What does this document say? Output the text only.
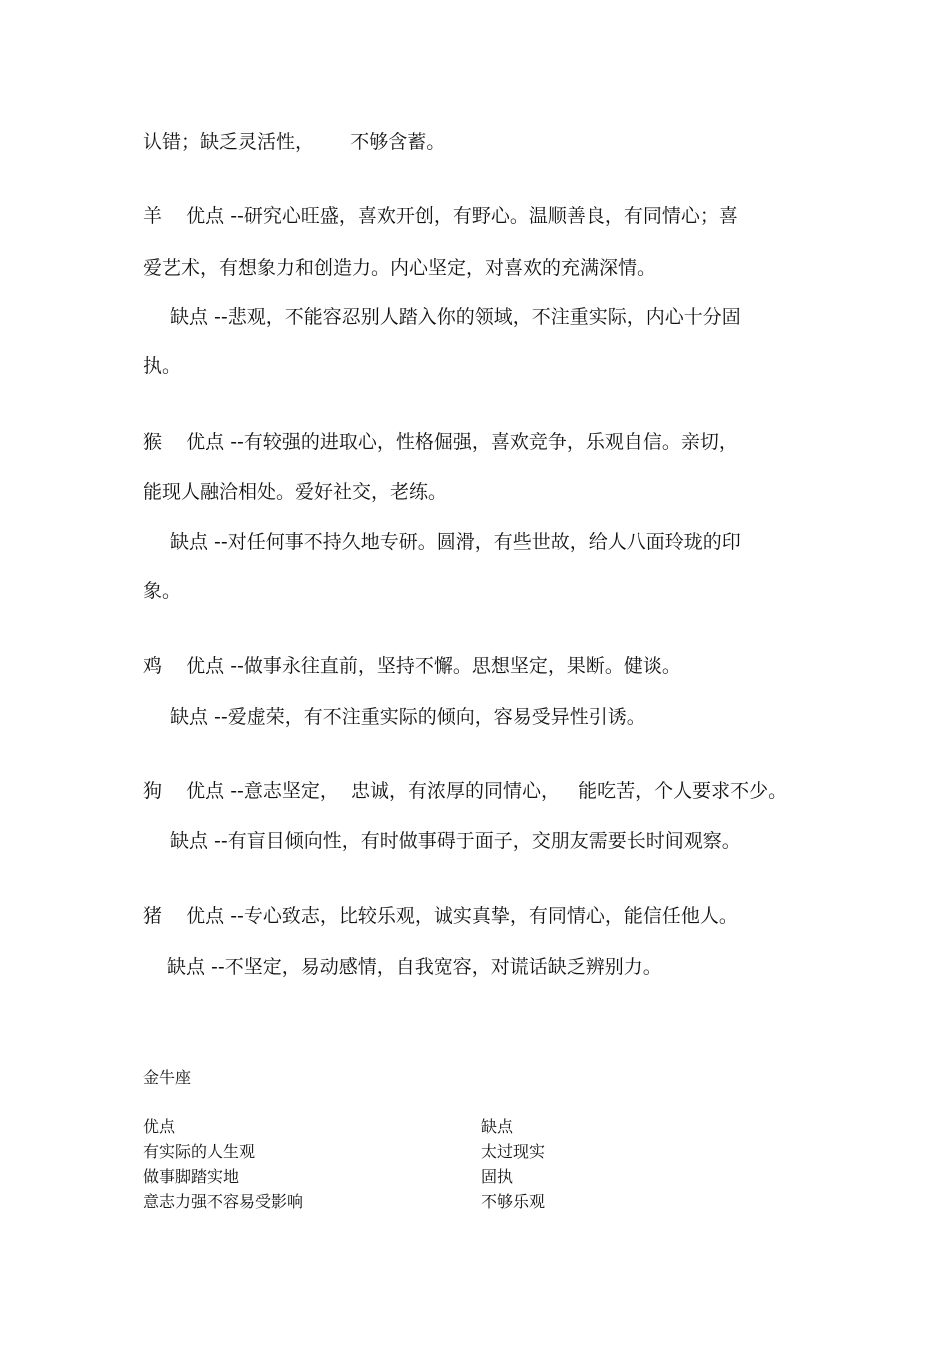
认错；缺乏灵活性，      不够含蓄。
羊    优点 --研究心旺盛，喜欢开创，有野心。温顺善良，有同情心；喜
爱艺术，有想象力和创造力。内心坚定，对喜欢的充满深情。
缺点 --悲观，不能容忍别人踏入你的领域，不注重实际，内心十分固
执。
猴    优点 --有较强的进取心，性格倔强，喜欢竞争，乐观自信。亲切，
能现人融洽相处。爱好社交，老练。
缺点 --对任何事不持久地专研。圆滑，有些世故，给人八面玲珑的印
象。
鸡    优点 --做事永往直前，坚持不懈。思想坚定，果断。健谈。
缺点 --爱虚荣，有不注重实际的倾向，容易受异性引诱。
狗    优点 --意志坚定，  忠诚，有浓厚的同情心，   能吃苦，个人要求不少。
缺点 --有盲目倾向性，有时做事碍于面子，交朋友需要长时间观察。
猪    优点 --专心致志，比较乐观，诚实真挚，有同情心，能信任他人。
缺点 --不坚定，易动感情，自我宽容，对谎话缺乏辨别力。
金牛座
优点	缺点
有实际的人生观	太过现实
做事脚踏实地	固执
意志力强不容易受影响	不够乐观
